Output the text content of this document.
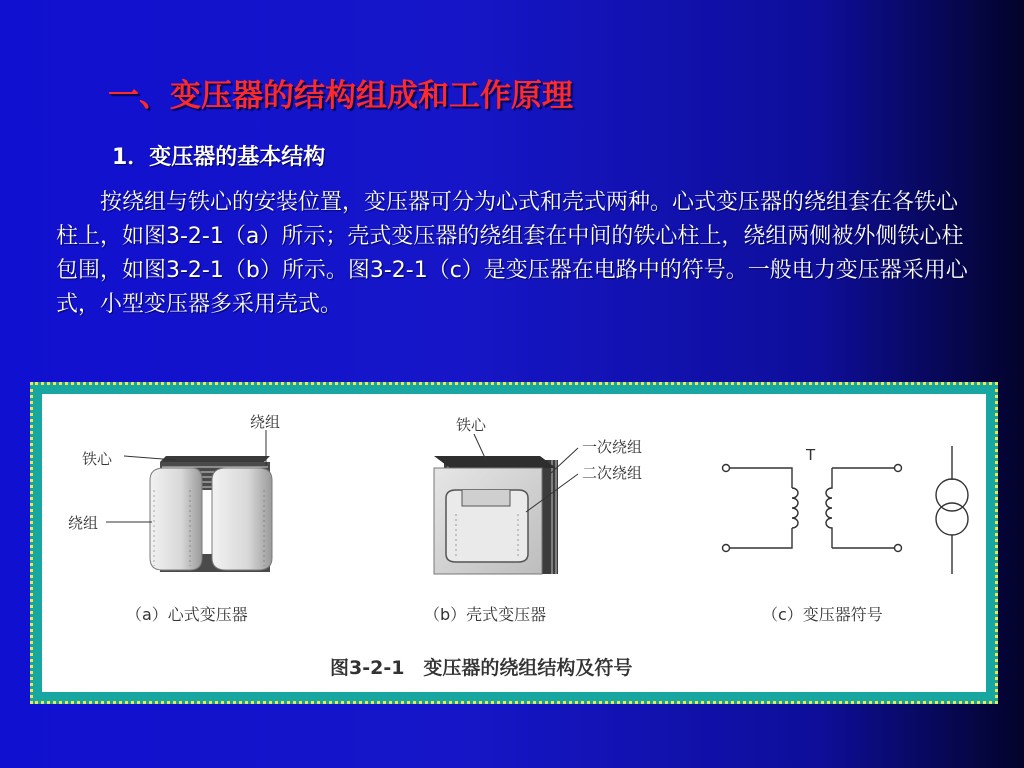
一、变压器的结构组成和工作原理
1．变压器的基本结构

按绕组与铁心的安装位置，变压器可分为心式和壳式两种。心式变压器的绕组套在各铁心柱上，如图3-2-1（a）所示；壳式变压器的绕组套在中间的铁心柱上，绕组两侧被外侧铁心柱包围，如图3-2-1（b）所示。图3-2-1（c）是变压器在电路中的符号。一般电力变压器采用心式，小型变压器多采用壳式。

绕组
铁心
绕组
（a）心式变压器
铁心
一次绕组
二次绕组
（b）壳式变压器
T
（c）变压器符号
图3-2-1　变压器的绕组结构及符号
